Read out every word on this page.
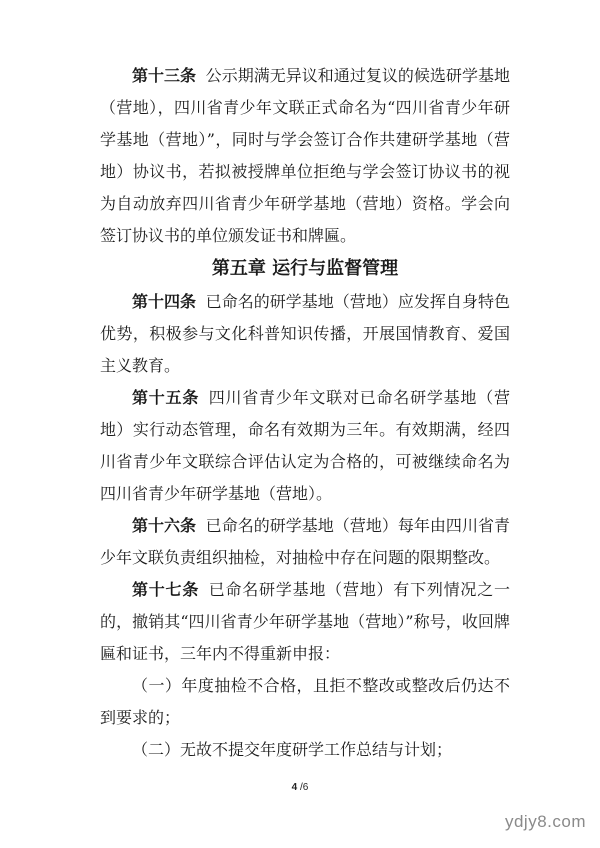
第十三条 公示期满无异议和通过复议的候选研学基地（营地），四川省青少年文联正式命名为“四川省青少年研学基地（营地）”，同时与学会签订合作共建研学基地（营地）协议书，若拟被授牌单位拒绝与学会签订协议书的视为自动放弃四川省青少年研学基地（营地）资格。学会向签订协议书的单位颁发证书和牌匾。

第五章 运行与监督管理

第十四条 已命名的研学基地（营地）应发挥自身特色优势，积极参与文化科普知识传播，开展国情教育、爱国主义教育。

第十五条 四川省青少年文联对已命名研学基地（营地）实行动态管理，命名有效期为三年。有效期满，经四川省青少年文联综合评估认定为合格的，可被继续命名为四川省青少年研学基地（营地）。

第十六条 已命名的研学基地（营地）每年由四川省青少年文联负责组织抽检，对抽检中存在问题的限期整改。

第十七条 已命名研学基地（营地）有下列情况之一的，撤销其“四川省青少年研学基地（营地）”称号，收回牌匾和证书，三年内不得重新申报：

（一）年度抽检不合格，且拒不整改或整改后仍达不到要求的；

（二）无故不提交年度研学工作总结与计划；

4 /6
ydjy8.com
